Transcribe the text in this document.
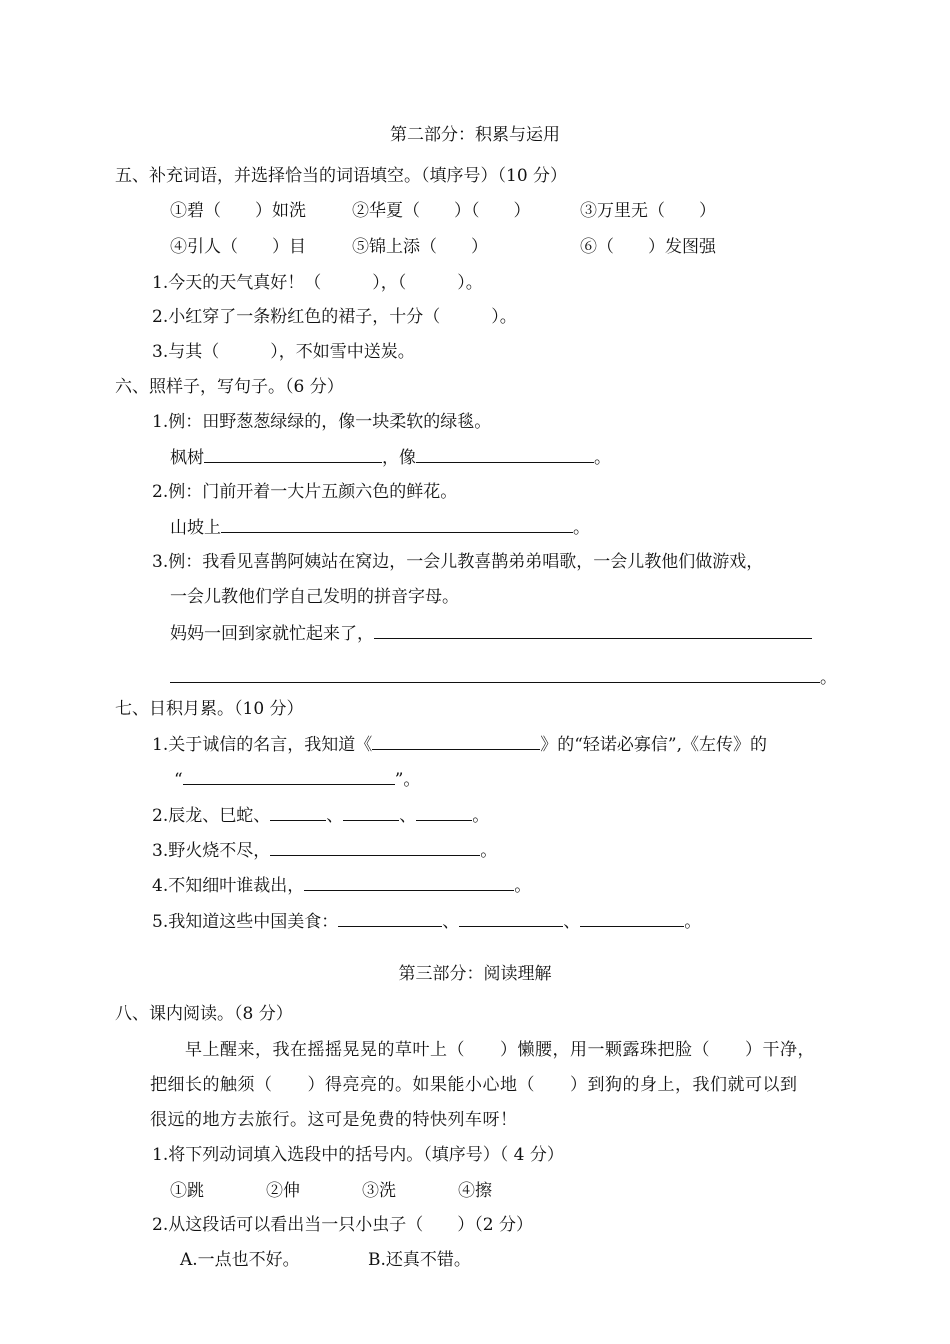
第二部分：积累与运用
五、补充词语，并选择恰当的词语填空。（填序号）（10 分）
①碧（　　）如洗	②华夏（　　）（　　）	③万里无（　　）
④引人（　　）目	⑤锦上添（　　）	⑥（　　）发图强
1.今天的天气真好！（　　　），（　　　）。
2.小红穿了一条粉红色的裙子，十分（　　　）。
3.与其（　　　），不如雪中送炭。
六、照样子，写句子。（6 分）
1.例：田野葱葱绿绿的，像一块柔软的绿毯。
枫树	，像	。
2.例：门前开着一大片五颜六色的鲜花。
山坡上	。
3.例：我看见喜鹊阿姨站在窝边，一会儿教喜鹊弟弟唱歌，一会儿教他们做游戏，
一会儿教他们学自己发明的拼音字母。
妈妈一回到家就忙起来了，
。
七、日积月累。（10 分）
1.关于诚信的名言，我知道《	》的“轻诺必寡信”,《左传》的
“	”。
2.辰龙、巳蛇、	、	、	。
3.野火烧不尽，	。
4.不知细叶谁裁出，	。
5.我知道这些中国美食：	、	、	。
第三部分：阅读理解
八、课内阅读。（8 分）
早上醒来，我在摇摇晃晃的草叶上（　　）懒腰，用一颗露珠把脸（　　）干净，
把细长的触须（　　）得亮亮的。如果能小心地（　　）到狗的身上，我们就可以到
很远的地方去旅行。这可是免费的特快列车呀！
1.将下列动词填入选段中的括号内。（填序号）（ 4 分）
①跳	②伸	③洗	④擦
2.从这段话可以看出当一只小虫子（　　）（2 分）
A.一点也不好。	B.还真不错。
